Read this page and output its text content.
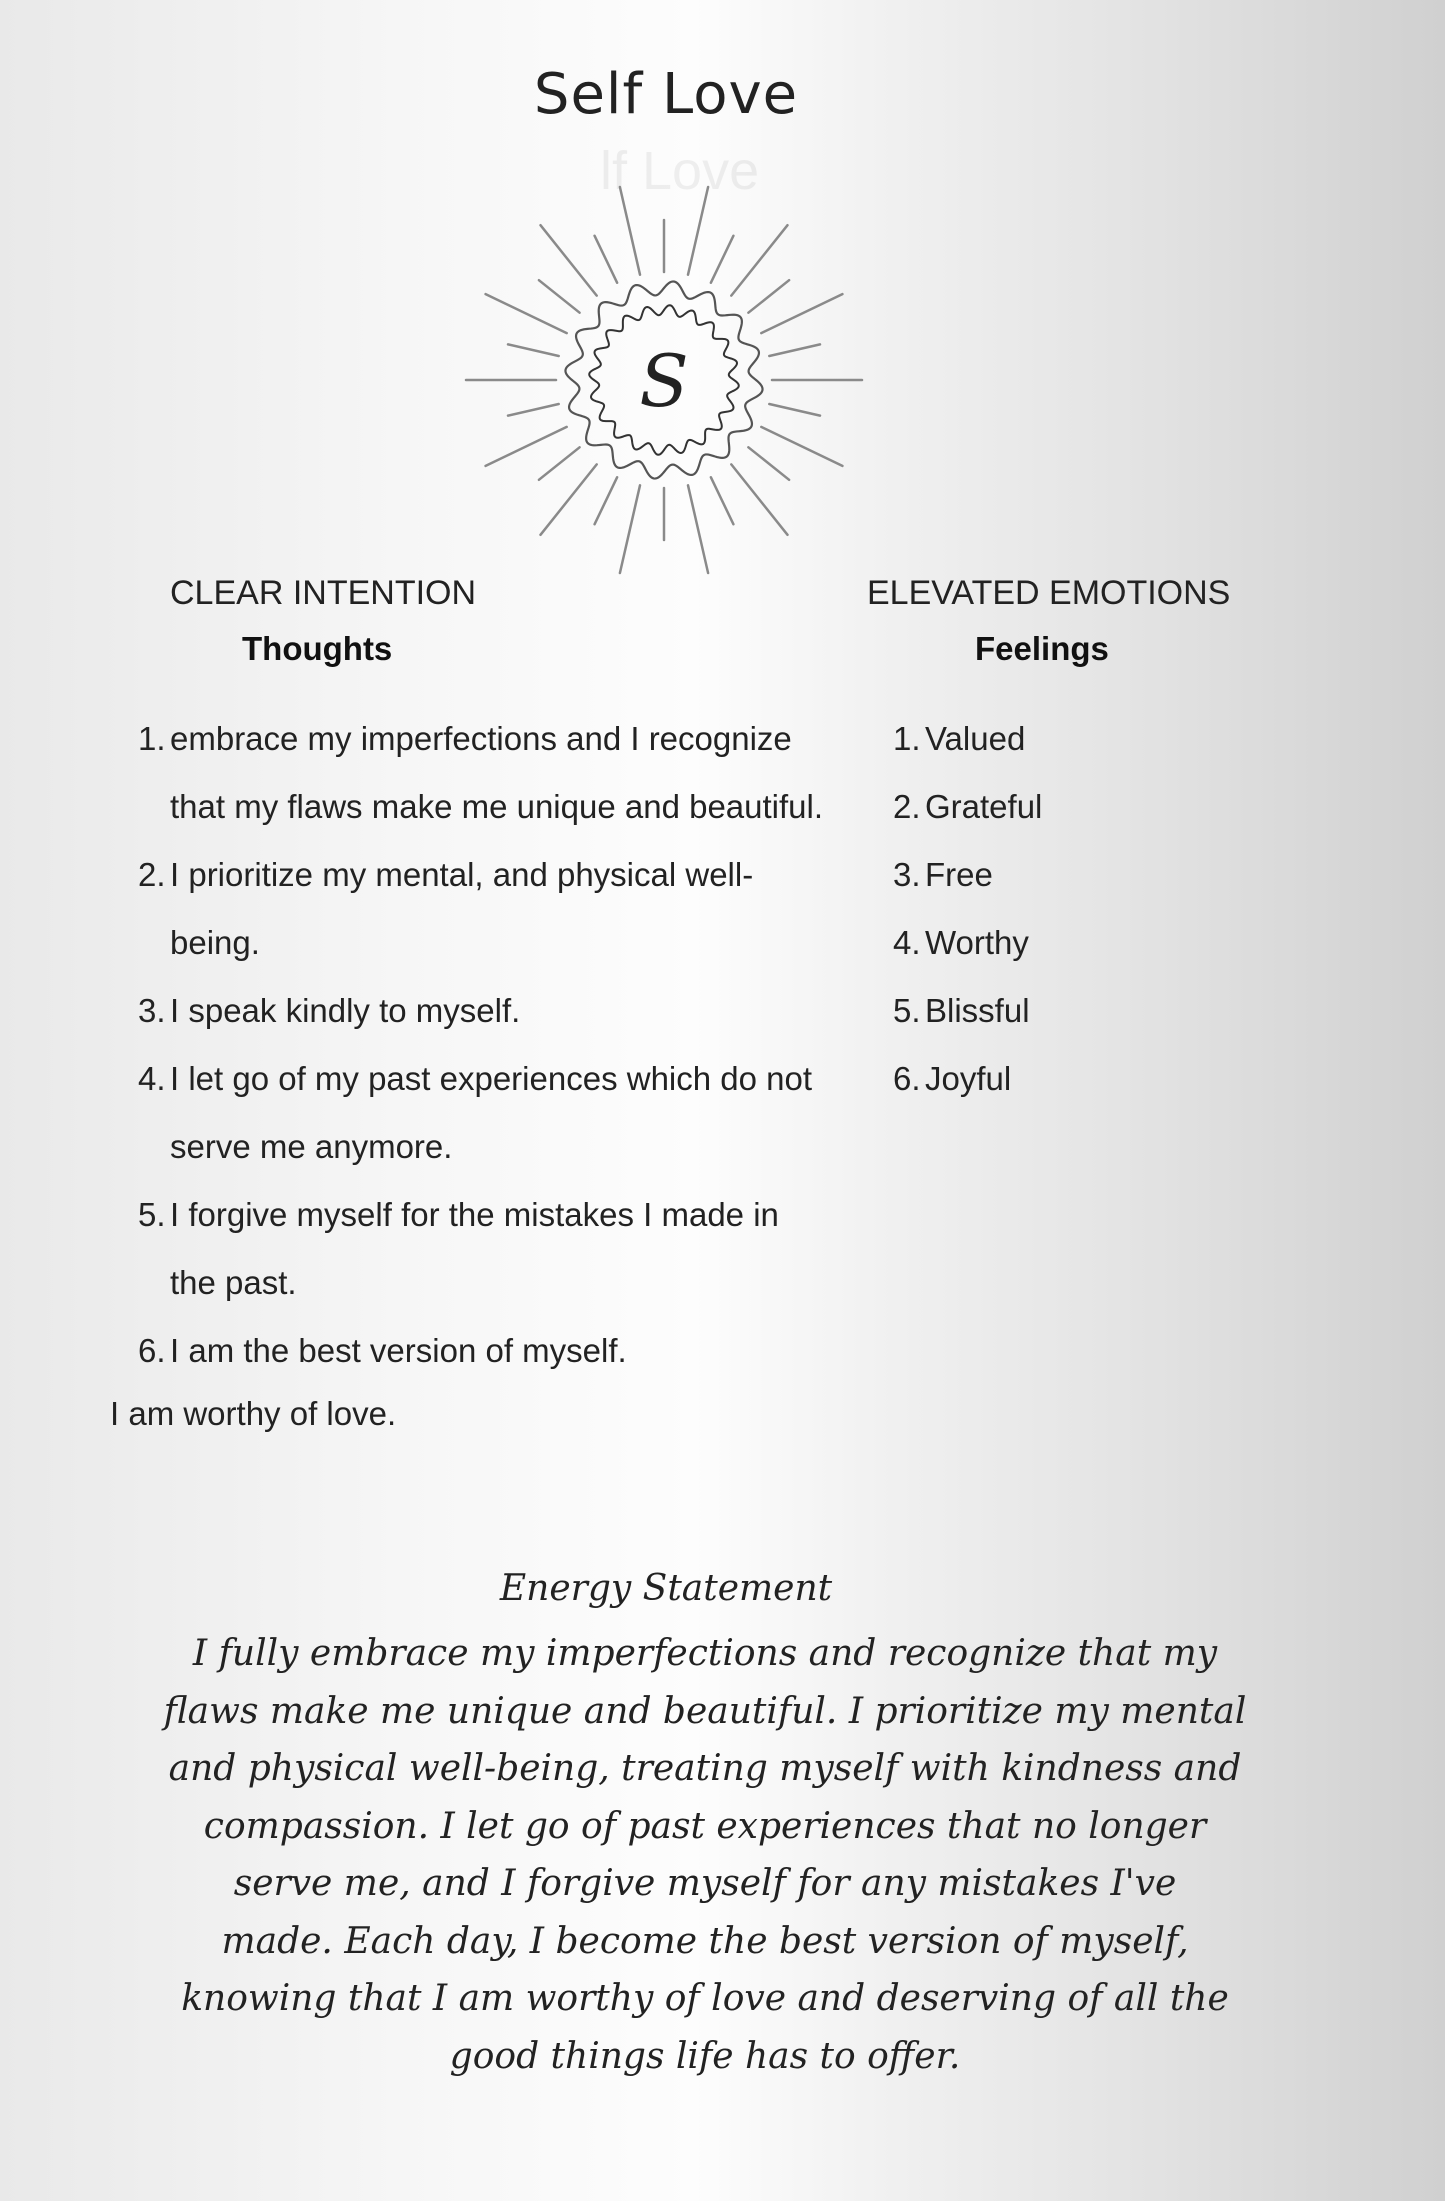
lf Love
Self Love
S
CLEAR INTENTION
Thoughts
1. embrace my imperfections and I recognize
that my flaws make me unique and beautiful.
2. I prioritize my mental, and physical well-
being.
3. I speak kindly to myself.
4. I let go of my past experiences which do not
serve me anymore.
5. I forgive myself for the mistakes I made in
the past.
6. I am the best version of myself.
I am worthy of love.
ELEVATED EMOTIONS
Feelings
1. Valued
2. Grateful
3. Free
4. Worthy
5. Blissful
6. Joyful
Energy Statement
I fully embrace my imperfections and recognize that my
flaws make me unique and beautiful. I prioritize my mental
and physical well-being, treating myself with kindness and
compassion. I let go of past experiences that no longer
serve me, and I forgive myself for any mistakes I've
made. Each day, I become the best version of myself,
knowing that I am worthy of love and deserving of all the
good things life has to offer.
